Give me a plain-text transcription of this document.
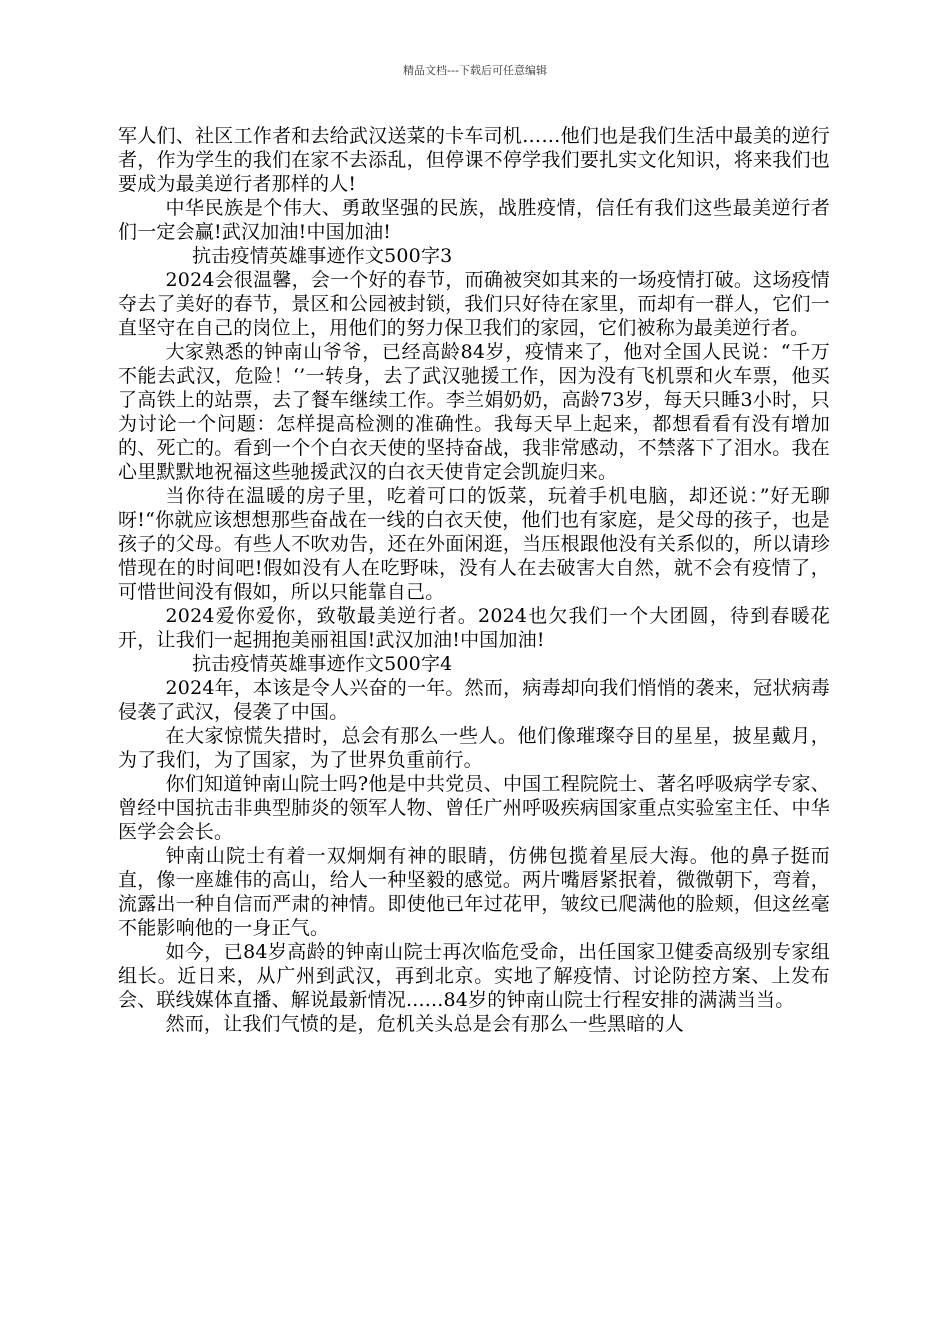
精品文档---下载后可任意编辑

军人们、社区工作者和去给武汉送菜的卡车司机……他们也是我们生活中最美的逆行者，作为学生的我们在家不去添乱，但停课不停学我们要扎实文化知识，将来我们也要成为最美逆行者那样的人!

中华民族是个伟大、勇敢坚强的民族，战胜疫情，信任有我们这些最美逆行者们一定会赢!武汉加油!中国加油!

抗击疫情英雄事迹作文500字3

2024会很温馨，会一个好的春节，而确被突如其来的一场疫情打破。这场疫情夺去了美好的春节，景区和公园被封锁，我们只好待在家里，而却有一群人，它们一直坚守在自己的岗位上，用他们的努力保卫我们的家园，它们被称为最美逆行者。

大家熟悉的钟南山爷爷，已经高龄84岁，疫情来了，他对全国人民说：“千万不能去武汉，危险！‘’一转身，去了武汉驰援工作，因为没有飞机票和火车票，他买了高铁上的站票，去了餐车继续工作。李兰娟奶奶，高龄73岁，每天只睡3小时，只为讨论一个问题：怎样提高检测的准确性。我每天早上起来，都想看看有没有增加的、死亡的。看到一个个白衣天使的坚持奋战，我非常感动，不禁落下了泪水。我在心里默默地祝福这些驰援武汉的白衣天使肯定会凯旋归来。

当你待在温暖的房子里，吃着可口的饭菜，玩着手机电脑，却还说：”好无聊呀!“你就应该想想那些奋战在一线的白衣天使，他们也有家庭，是父母的孩子，也是孩子的父母。有些人不吹劝告，还在外面闲逛，当压根跟他没有关系似的，所以请珍惜现在的时间吧!假如没有人在吃野味，没有人在去破害大自然，就不会有疫情了，可惜世间没有假如，所以只能靠自己。

2024爱你爱你，致敬最美逆行者。2024也欠我们一个大团圆，待到春暖花开，让我们一起拥抱美丽祖国!武汉加油!中国加油!

抗击疫情英雄事迹作文500字4

2024年，本该是令人兴奋的一年。然而，病毒却向我们悄悄的袭来，冠状病毒侵袭了武汉，侵袭了中国。

在大家惊慌失措时，总会有那么一些人。他们像璀璨夺目的星星，披星戴月，为了我们，为了国家，为了世界负重前行。

你们知道钟南山院士吗?他是中共党员、中国工程院院士、著名呼吸病学专家、曾经中国抗击非典型肺炎的领军人物、曾任广州呼吸疾病国家重点实验室主任、中华医学会会长。

钟南山院士有着一双炯炯有神的眼睛，仿佛包揽着星辰大海。他的鼻子挺而直，像一座雄伟的高山，给人一种坚毅的感觉。两片嘴唇紧抿着，微微朝下，弯着，流露出一种自信而严肃的神情。即使他已年过花甲，皱纹已爬满他的脸颊，但这丝毫不能影响他的一身正气。

如今，已84岁高龄的钟南山院士再次临危受命，出任国家卫健委高级别专家组组长。近日来，从广州到武汉，再到北京。实地了解疫情、讨论防控方案、上发布会、联线媒体直播、解说最新情况......84岁的钟南山院士行程安排的满满当当。

然而，让我们气愤的是，危机关头总是会有那么一些黑暗的人
